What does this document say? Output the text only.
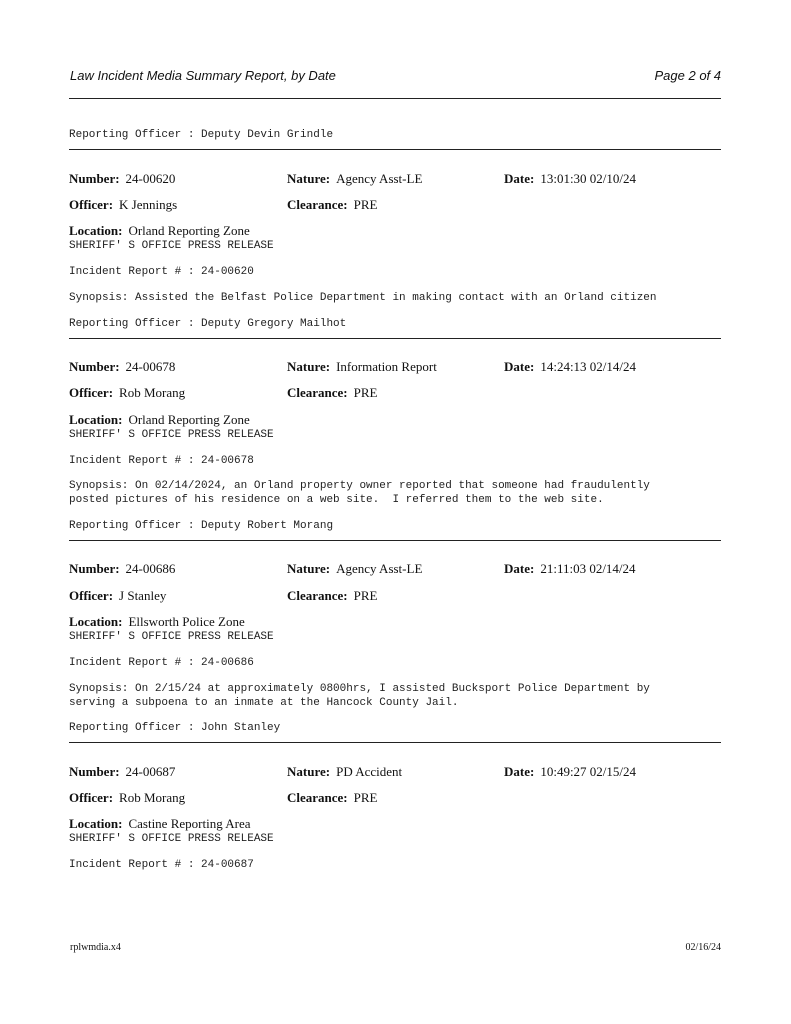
Law Incident Media Summary Report, by Date	Page 2 of 4
Reporting Officer : Deputy Devin Grindle
Number: 24-00620	Nature: Agency Asst-LE	Date: 13:01:30 02/10/24
Officer: K Jennings	Clearance: PRE
Location: Orland Reporting Zone
SHERIFF' S OFFICE PRESS RELEASE
Incident Report # : 24-00620
Synopsis: Assisted the Belfast Police Department in making contact with an Orland citizen
Reporting Officer : Deputy Gregory Mailhot
Number: 24-00678	Nature: Information Report	Date: 14:24:13 02/14/24
Officer: Rob Morang	Clearance: PRE
Location: Orland Reporting Zone
SHERIFF' S OFFICE PRESS RELEASE
Incident Report # : 24-00678
Synopsis: On 02/14/2024, an Orland property owner reported that someone had fraudulently
posted pictures of his residence on a web site.  I referred them to the web site.
Reporting Officer : Deputy Robert Morang
Number: 24-00686	Nature: Agency Asst-LE	Date: 21:11:03 02/14/24
Officer: J Stanley	Clearance: PRE
Location: Ellsworth Police Zone
SHERIFF' S OFFICE PRESS RELEASE
Incident Report # : 24-00686
Synopsis: On 2/15/24 at approximately 0800hrs, I assisted Bucksport Police Department by
serving a subpoena to an inmate at the Hancock County Jail.
Reporting Officer : John Stanley
Number: 24-00687	Nature: PD Accident	Date: 10:49:27 02/15/24
Officer: Rob Morang	Clearance: PRE
Location: Castine Reporting Area
SHERIFF' S OFFICE PRESS RELEASE
Incident Report # : 24-00687
rplwmdia.x4	02/16/24
